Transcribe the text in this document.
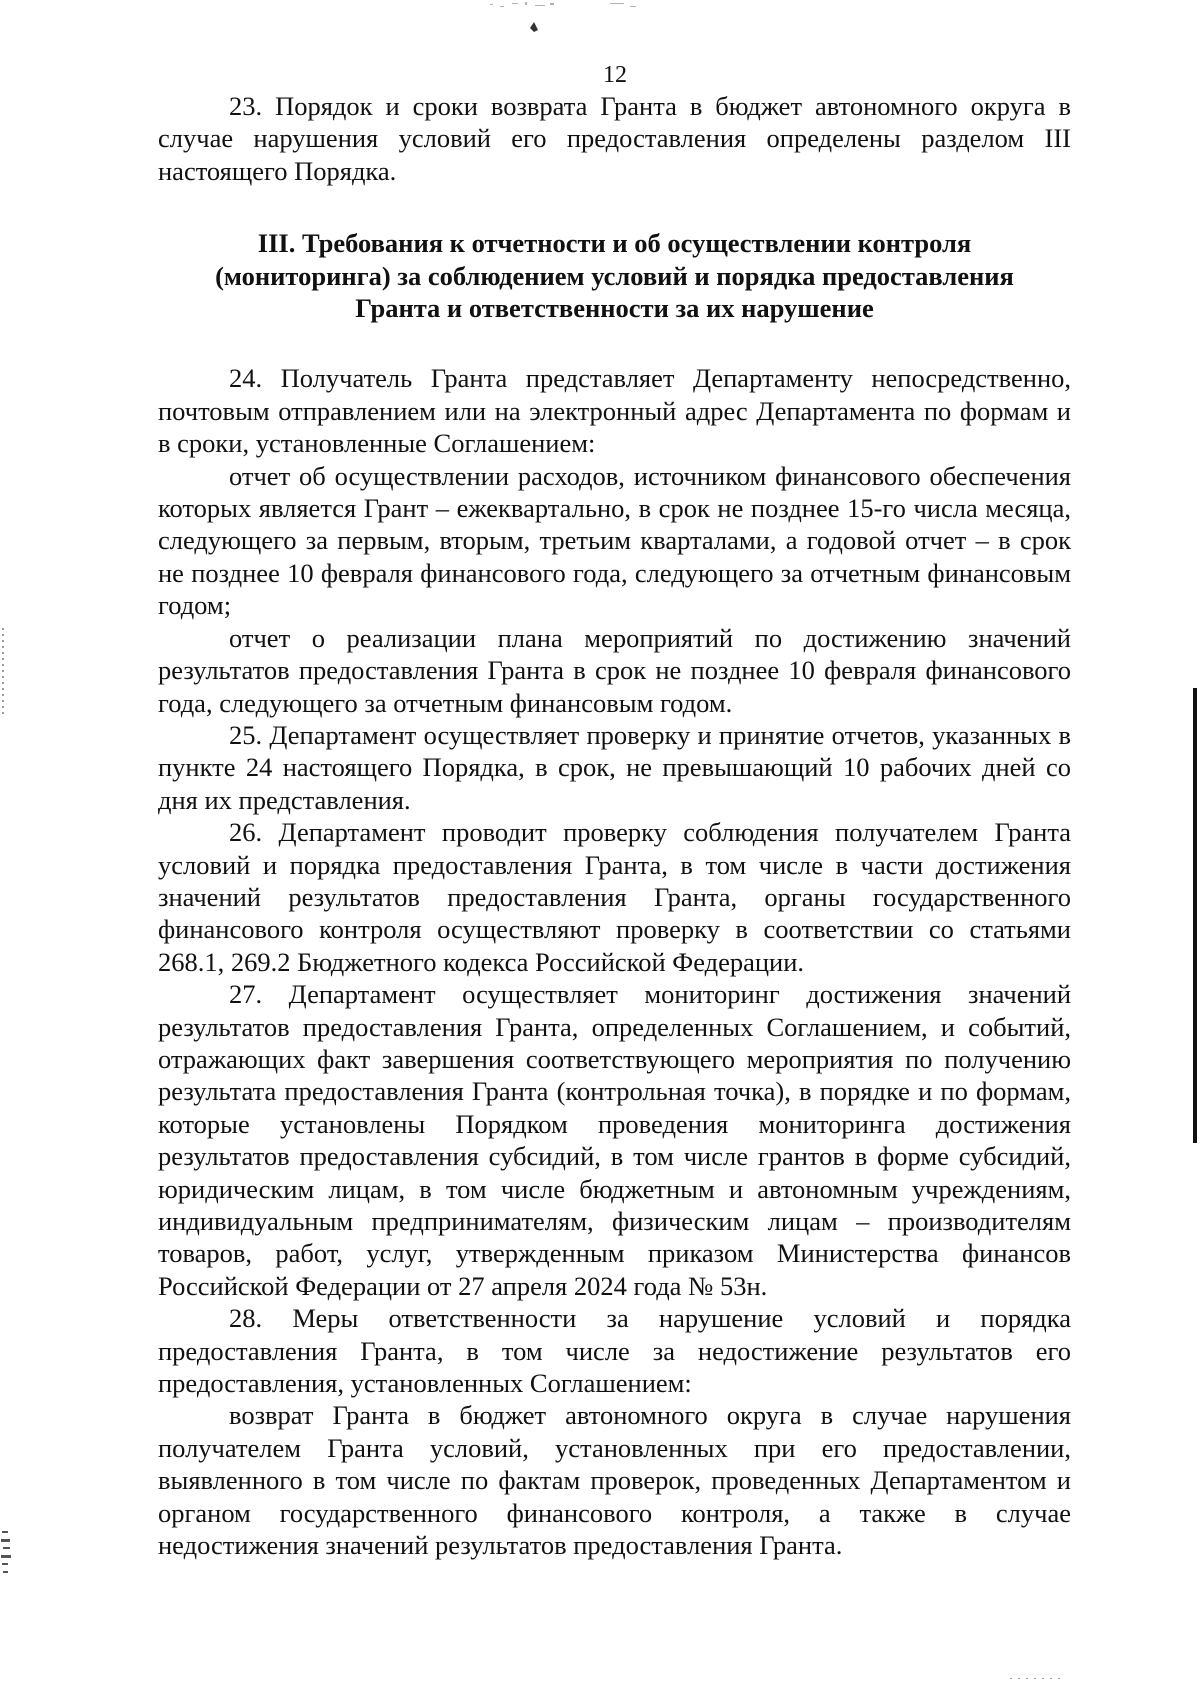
12

23. Порядок и сроки возврата Гранта в бюджет автономного округа в случае нарушения условий его предоставления определены разделом III настоящего Порядка.

III. Требования к отчетности и об осуществлении контроля
(мониторинга) за соблюдением условий и порядка предоставления
Гранта и ответственности за их нарушение

24. Получатель Гранта представляет Департаменту непосредственно, почтовым отправлением или на электронный адрес Департамента по формам и в сроки, установленные Соглашением:

отчет об осуществлении расходов, источником финансового обеспечения которых является Грант – ежеквартально, в срок не позднее 15-го числа месяца, следующего за первым, вторым, третьим кварталами, а годовой отчет – в срок не позднее 10 февраля финансового года, следующего за отчетным финансовым годом;

отчет о реализации плана мероприятий по достижению значений результатов предоставления Гранта в срок не позднее 10 февраля финансового года, следующего за отчетным финансовым годом.

25. Департамент осуществляет проверку и принятие отчетов, указанных в пункте 24 настоящего Порядка, в срок, не превышающий 10 рабочих дней со дня их представления.

26. Департамент проводит проверку соблюдения получателем Гранта условий и порядка предоставления Гранта, в том числе в части достижения значений результатов предоставления Гранта, органы государственного финансового контроля осуществляют проверку в соответствии со статьями 268.1, 269.2 Бюджетного кодекса Российской Федерации.

27. Департамент осуществляет мониторинг достижения значений результатов предоставления Гранта, определенных Соглашением, и событий, отражающих факт завершения соответствующего мероприятия по получению результата предоставления Гранта (контрольная точка), в порядке и по формам, которые установлены Порядком проведения мониторинга достижения результатов предоставления субсидий, в том числе грантов в форме субсидий, юридическим лицам, в том числе бюджетным и автономным учреждениям, индивидуальным предпринимателям, физическим лицам – производителям товаров, работ, услуг, утвержденным приказом Министерства финансов Российской Федерации от 27 апреля 2024 года № 53н.

28. Меры ответственности за нарушение условий и порядка предоставления Гранта, в том числе за недостижение результатов его предоставления, установленных Соглашением:

возврат Гранта в бюджет автономного округа в случае нарушения получателем Гранта условий, установленных при его предоставлении, выявленного в том числе по фактам проверок, проведенных Департаментом и органом государственного финансового контроля, а также в случае недостижения значений результатов предоставления Гранта.
